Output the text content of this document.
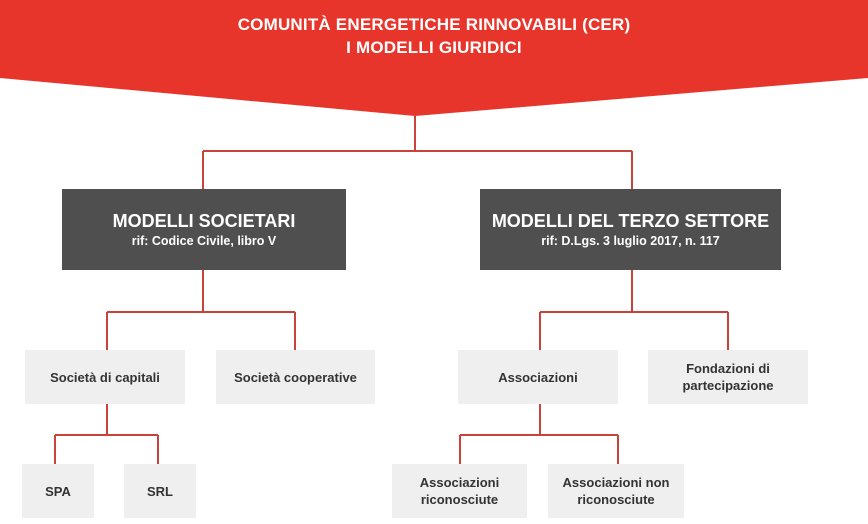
COMUNITÀ ENERGETICHE RINNOVABILI (CER)
I MODELLI GIURIDICI
MODELLI SOCIETARI
rif: Codice Civile, libro V
MODELLI DEL TERZO SETTORE
rif: D.Lgs. 3 luglio 2017, n. 117
Società di capitali	Società cooperative	Associazioni
Fondazioni di partecipazione
SPA	SRL
Associazioni riconosciute
Associazioni non riconosciute
